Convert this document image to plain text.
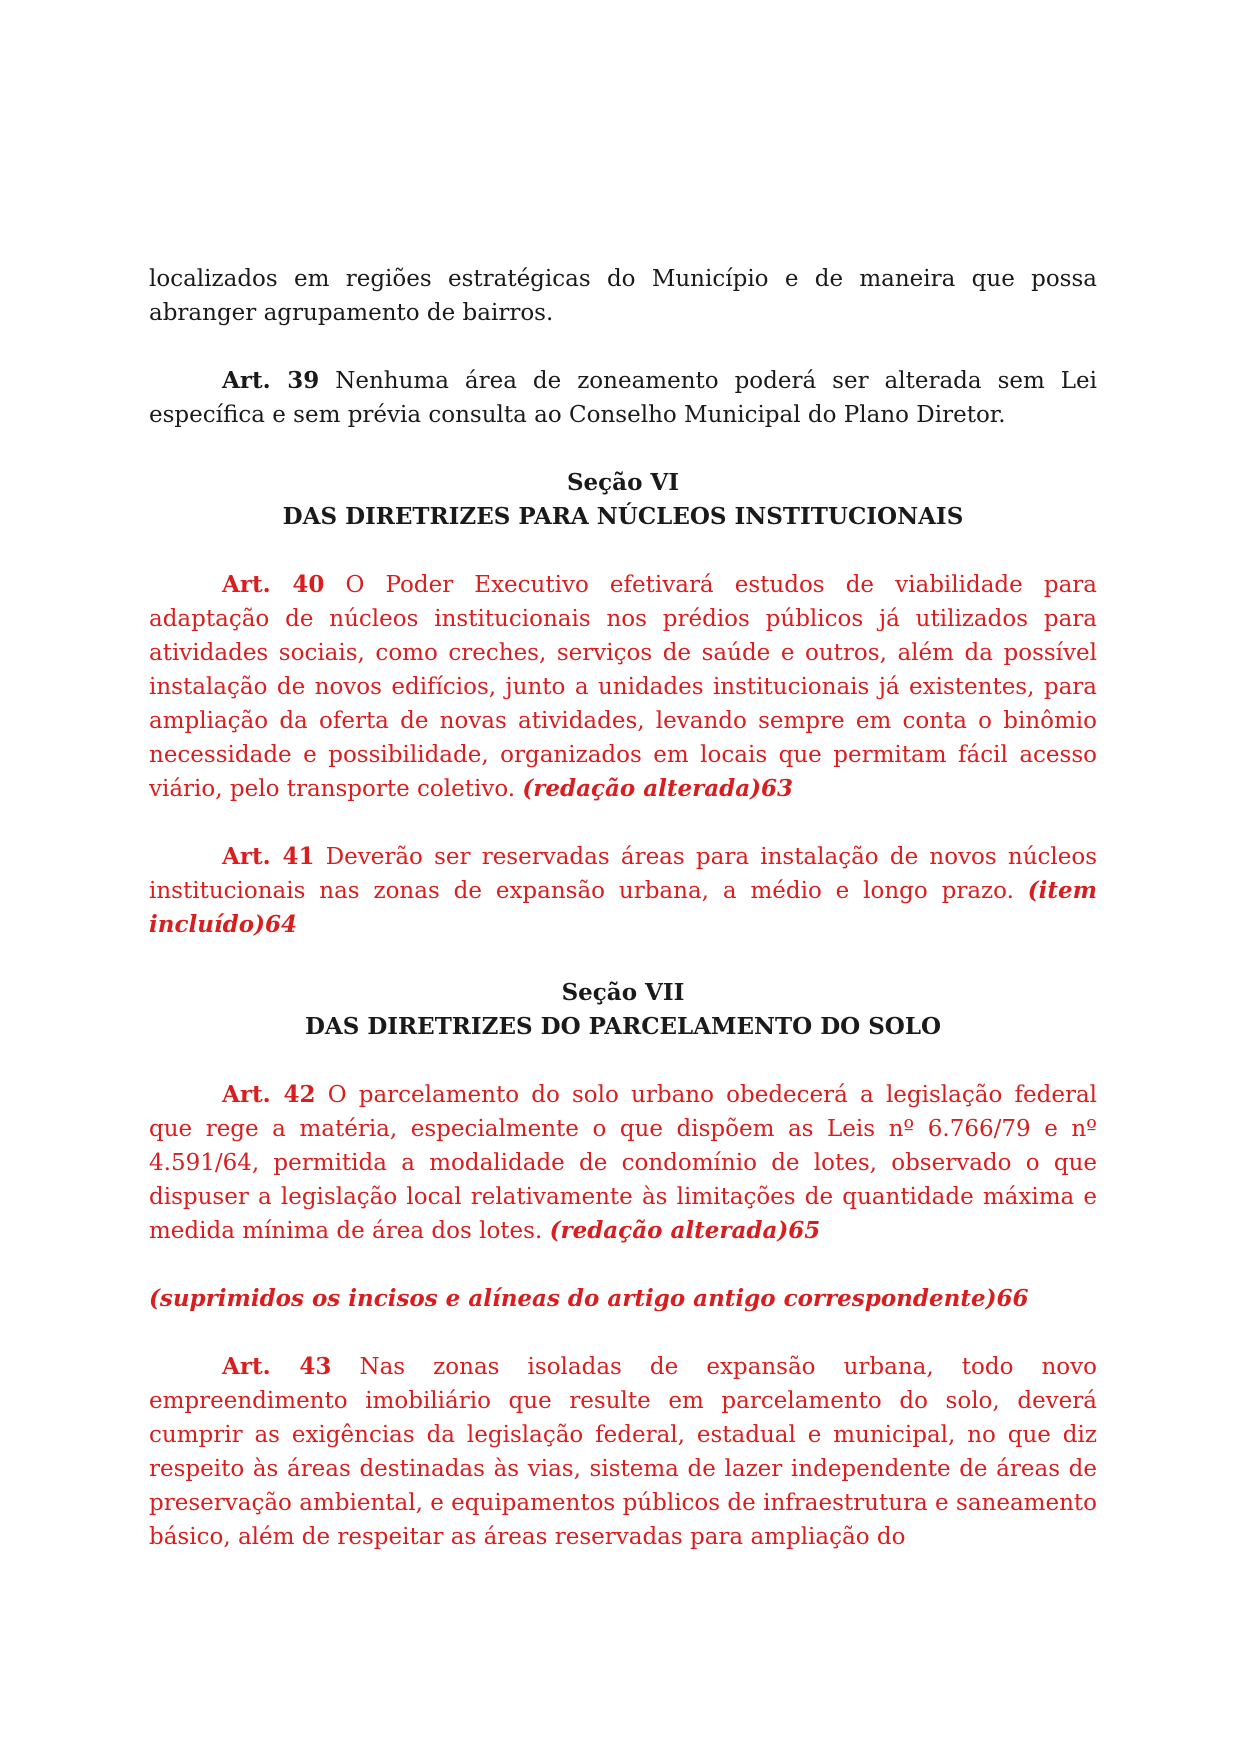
localizados em regiões estratégicas do Município e de maneira que possa abranger agrupamento de bairros.

Art. 39 Nenhuma área de zoneamento poderá ser alterada sem Lei específica e sem prévia consulta ao Conselho Municipal do Plano Diretor.

Seção VI

DAS DIRETRIZES PARA NÚCLEOS INSTITUCIONAIS

Art. 40 O Poder Executivo efetivará estudos de viabilidade para adaptação de núcleos institucionais nos prédios públicos já utilizados para atividades sociais, como creches, serviços de saúde e outros, além da possível instalação de novos edifícios, junto a unidades institucionais já existentes, para ampliação da oferta de novas atividades, levando sempre em conta o binômio necessidade e possibilidade, organizados em locais que permitam fácil acesso viário, pelo transporte coletivo. (redação alterada)63

Art. 41 Deverão ser reservadas áreas para instalação de novos núcleos institucionais nas zonas de expansão urbana, a médio e longo prazo. (item incluído)64

Seção VII

DAS DIRETRIZES DO PARCELAMENTO DO SOLO

Art. 42 O parcelamento do solo urbano obedecerá a legislação federal que rege a matéria, especialmente o que dispõem as Leis nº 6.766/79 e nº 4.591/64, permitida a modalidade de condomínio de lotes, observado o que dispuser a legislação local relativamente às limitações de quantidade máxima e medida mínima de área dos lotes. (redação alterada)65

(suprimidos os incisos e alíneas do artigo antigo correspondente)66

Art. 43 Nas zonas isoladas de expansão urbana, todo novo empreendimento imobiliário que resulte em parcelamento do solo, deverá cumprir as exigências da legislação federal, estadual e municipal, no que diz respeito às áreas destinadas às vias, sistema de lazer independente de áreas de preservação ambiental, e equipamentos públicos de infraestrutura e saneamento básico, além de respeitar as áreas reservadas para ampliação do
